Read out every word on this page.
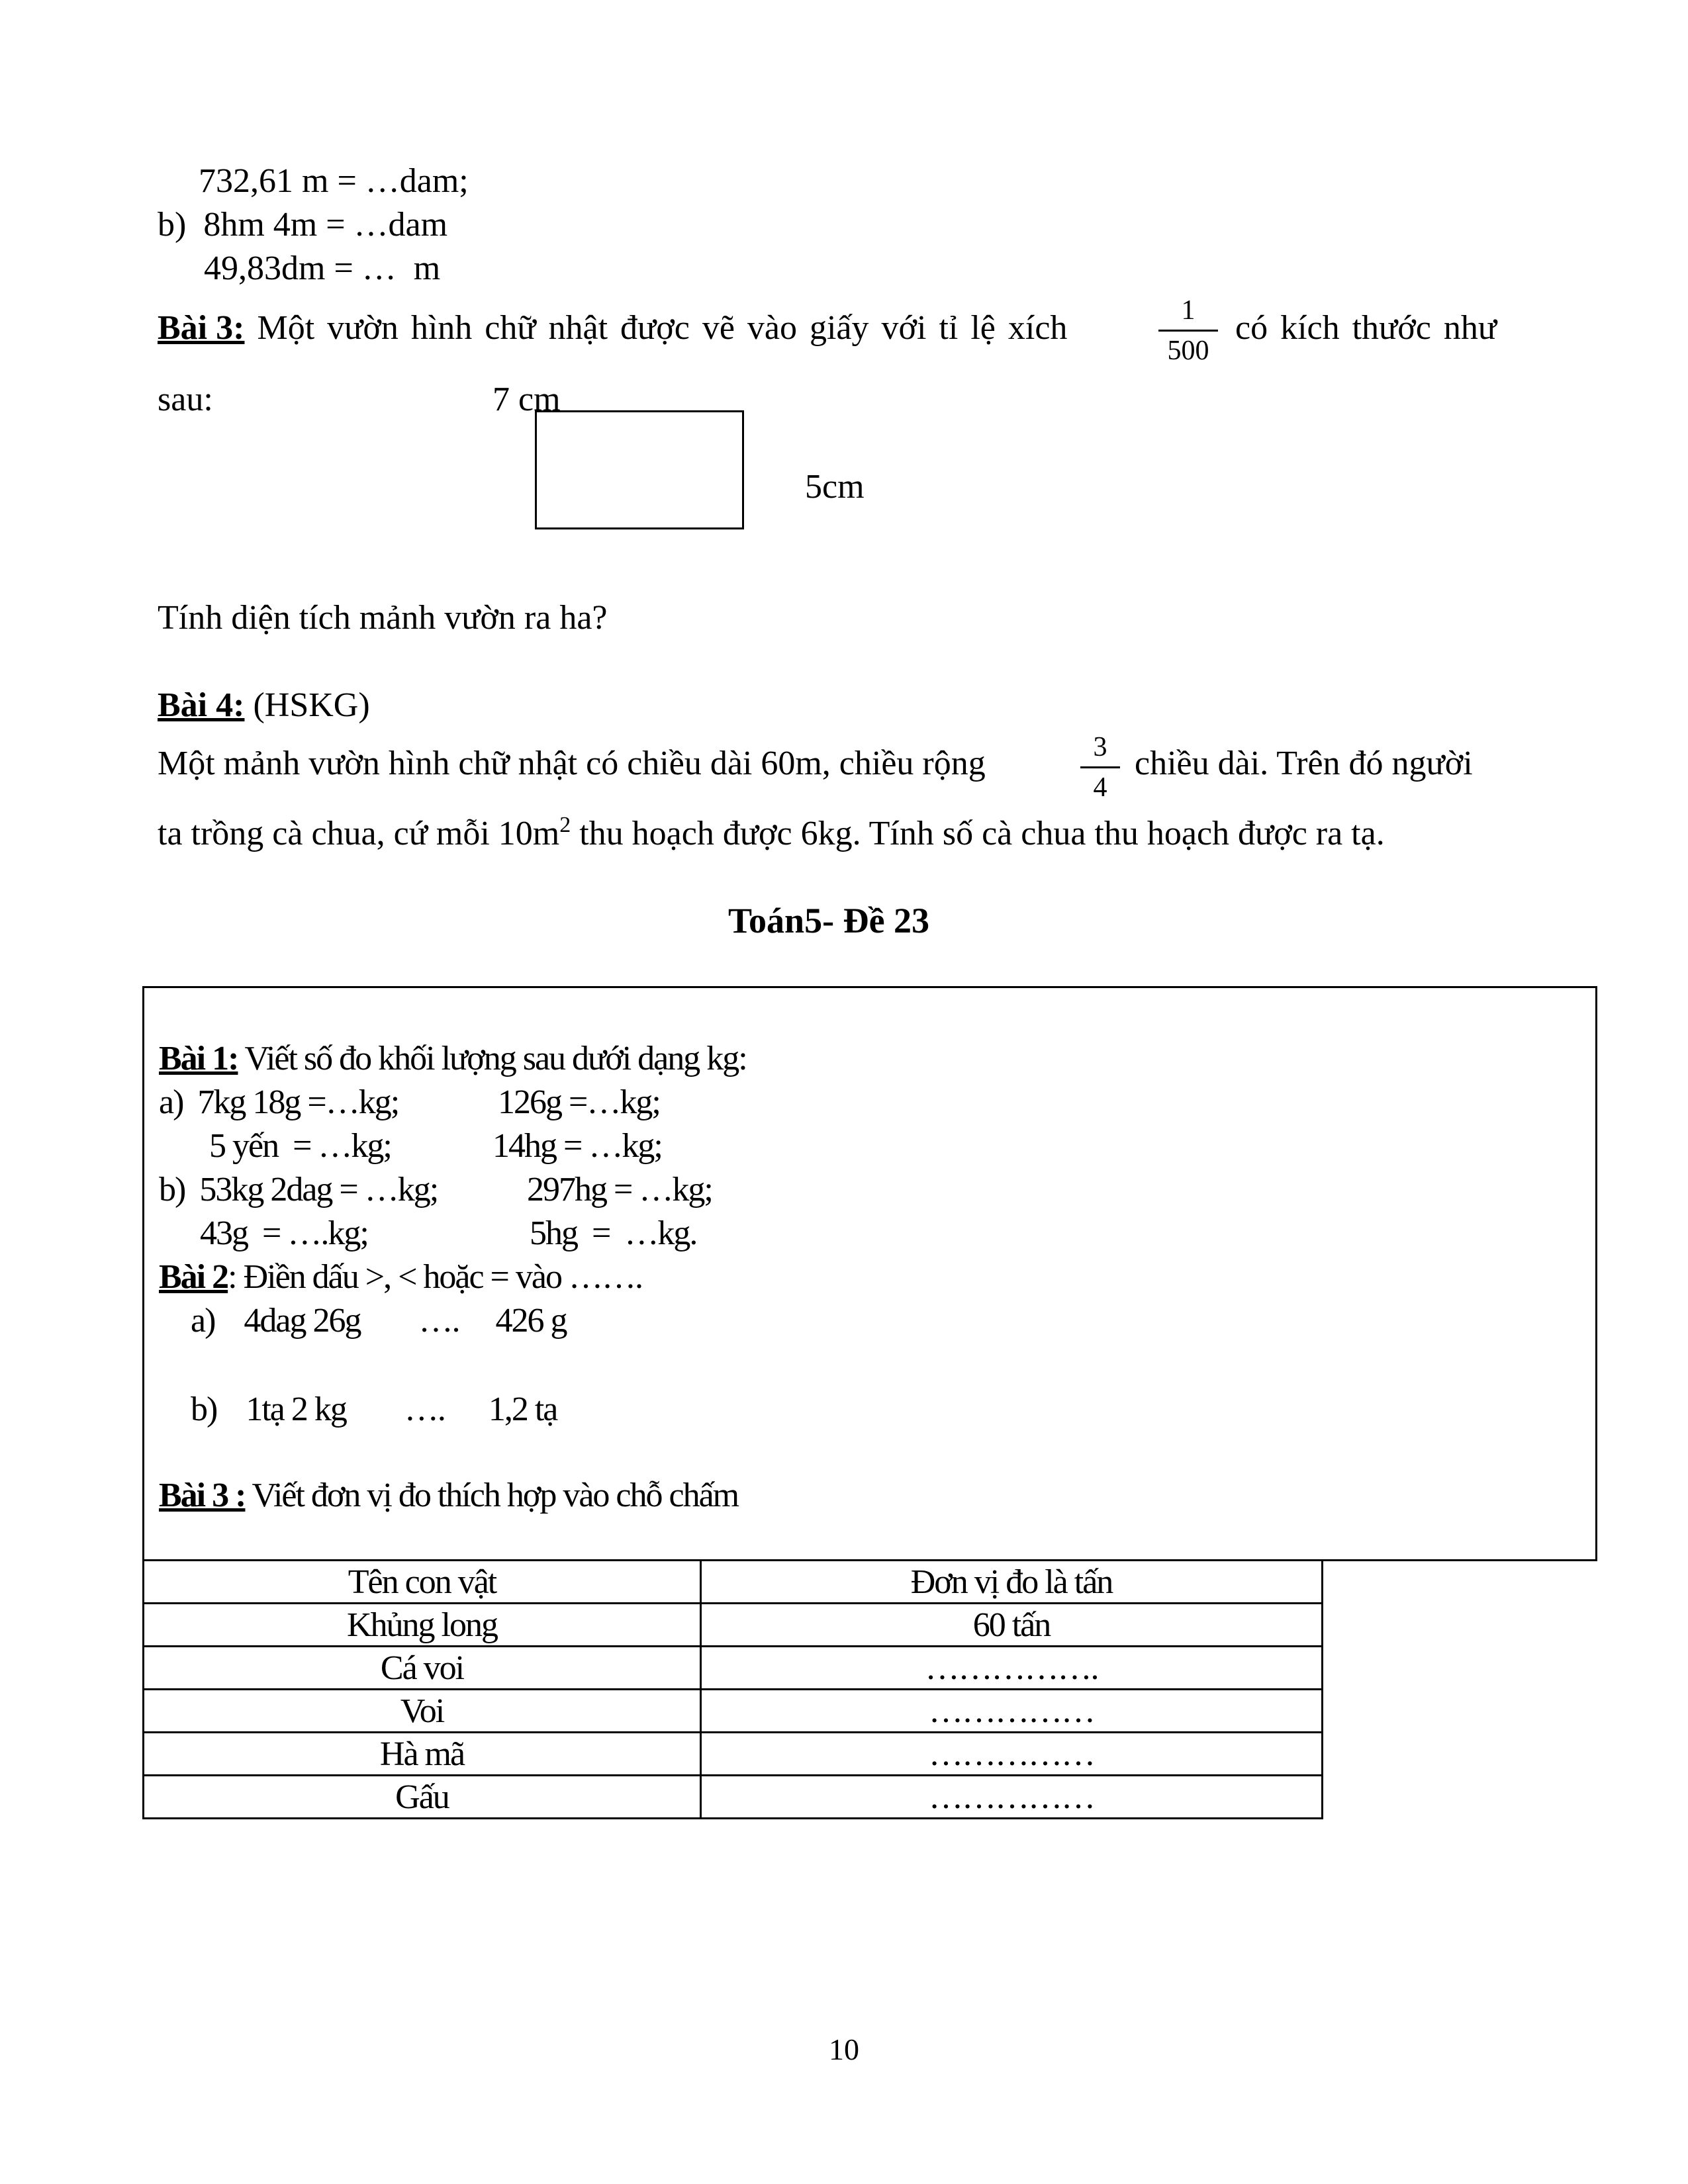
732,61 m = …dam;
b)  8hm 4m = …dam
49,83dm = …  m
Bài 3: Một vườn hình chữ nhật được vẽ vào giấy với tỉ lệ xích	1
500
có kích thước như
sau:	7 cm
5cm
Tính diện tích mảnh vườn ra ha?
Bài 4: (HSKG)
Một mảnh vườn hình chữ nhật có chiều dài 60m, chiều rộng	3
4
chiều dài. Trên đó người
ta trồng cà chua, cứ mỗi $10m^2$ thu hoạch được 6kg. Tính số cà chua thu hoạch được ra tạ.
Toán5- Đề 23
Bài 1: Viết số đo khối lượng sau dưới dạng kg:
a)  7kg 18g =…kg;	126g =…kg;
5 yến  = …kg;	14hg = …kg;
b)  53kg 2dag = …kg;	297hg = …kg;
43g  = ….kg;	5hg  =  …kg.
Bài 2: Điền dấu >, < hoặc = vào …….
a)    4dag 26g        ….     426 g
b)    1tạ 2 kg        ….      1,2 tạ
Bài 3 : Viết đơn vị đo thích hợp vào chỗ chấm
Tên con vật	Đơn vị đo là tấn
Khủng long	60 tấn
Cá voi	…………….
Voi	……………
Hà mã	……………
Gấu	……………
10
